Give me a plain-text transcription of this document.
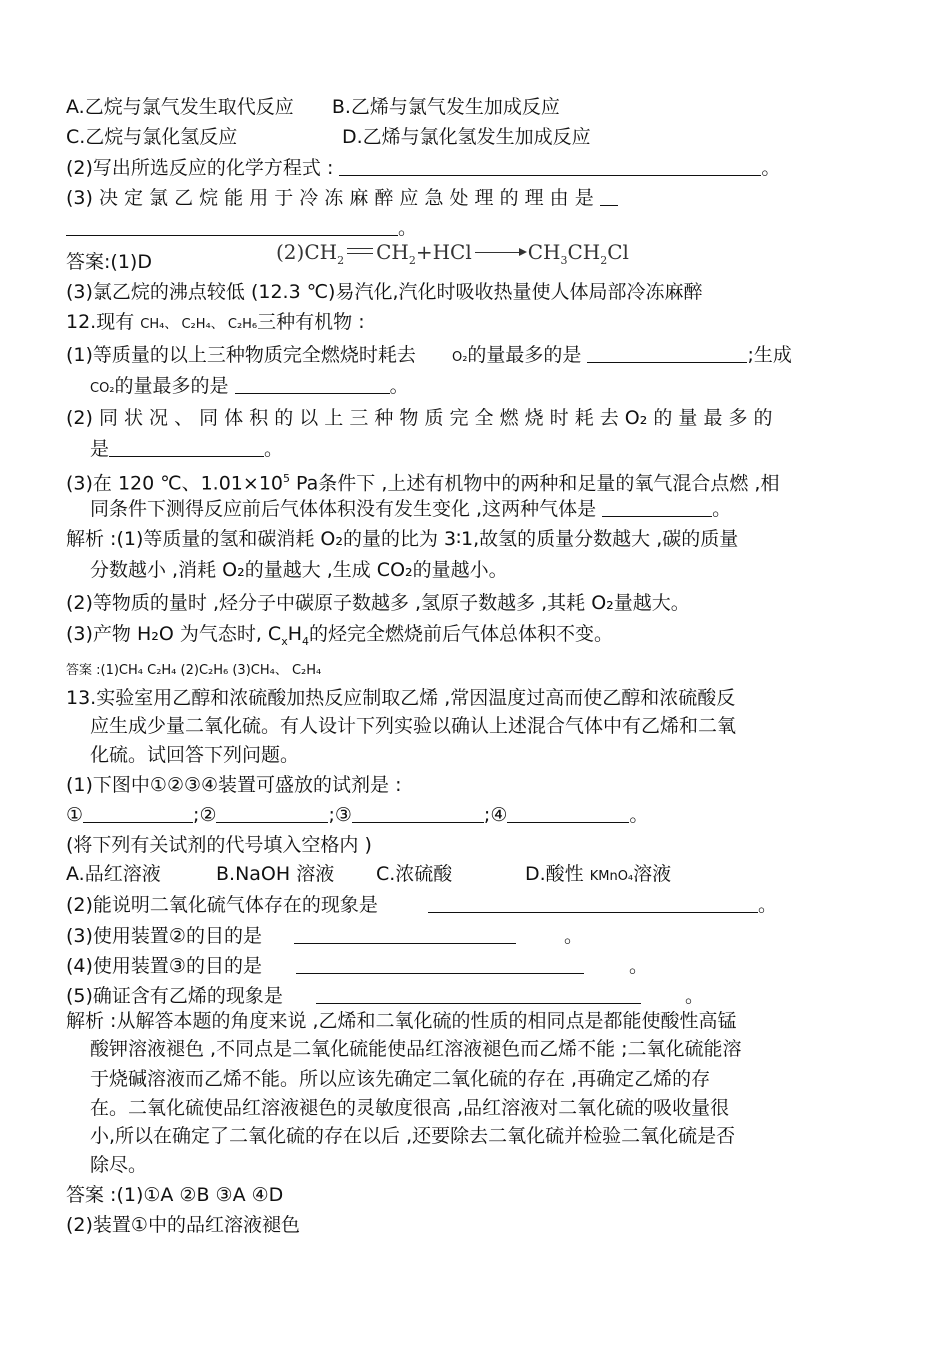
A.乙烷与氯气发生取代反应 B.乙烯与氯气发生加成反应
C.乙烷与氯化氢反应	D.乙烯与氯化氢发生加成反应
(2)写出所选反应的化学方程式 :	。
(3) 决 定 氯 乙 烷 能 用 于 冷 冻 麻 醉 应 急 处 理 的 理 由 是
。
答案:(1)D	$(2)CH_2$ $CH_2+HCl$	$CH_3CH_2Cl$
(3)氯乙烷的沸点较低 (12.3 ℃)易汽化,汽化时吸收热量使人体局部冷冻麻醉
12.现有 CH₄、 C₂H₄、 C₂H₆三种有机物 :
(1)等质量的以上三种物质完全燃烧时耗去	O₂的量最多的是	;生成
CO₂的量最多的是	。
(2) 同 状 况 、 同 体 积 的 以 上 三 种 物 质 完 全 燃 烧 时 耗 去 O₂ 的 量 最 多 的
是	。
(3)在 120 ℃、$1.01\times 10^5$ Pa条件下 ,上述有机物中的两种和足量的氧气混合点燃 ,相
同条件下测得反应前后气体体积没有发生变化 ,这两种气体是	。
解析 :(1)等质量的氢和碳消耗 O₂的量的比为 3∶1,故氢的质量分数越大 ,碳的质量
分数越小 ,消耗 O₂的量越大 ,生成 CO₂的量越小。
(2)等物质的量时 ,烃分子中碳原子数越多 ,氢原子数越多 ,其耗 O₂量越大。
(3)产物 H₂O 为气态时, $C_xH_4$的烃完全燃烧前后气体总体积不变。
答案 :(1)CH₄ C₂H₄ (2)C₂H₆ (3)CH₄、 C₂H₄
13.实验室用乙醇和浓硫酸加热反应制取乙烯 ,常因温度过高而使乙醇和浓硫酸反
应生成少量二氧化硫。有人设计下列实验以确认上述混合气体中有乙烯和二氧
化硫。试回答下列问题。
(1)下图中①②③④装置可盛放的试剂是 :
①	;②	;③	;④	。
(将下列有关试剂的代号填入空格内 )
A.品红溶液	B.NaOH 溶液 C.浓硫酸	D.酸性 KMnO₄溶液
(2)能说明二氧化硫气体存在的现象是	。
(3)使用装置②的目的是	。
(4)使用装置③的目的是	。
(5)确证含有乙烯的现象是	。
解析 :从解答本题的角度来说 ,乙烯和二氧化硫的性质的相同点是都能使酸性高锰
酸钾溶液褪色 ,不同点是二氧化硫能使品红溶液褪色而乙烯不能 ;二氧化硫能溶
于烧碱溶液而乙烯不能。所以应该先确定二氧化硫的存在 ,再确定乙烯的存
在。二氧化硫使品红溶液褪色的灵敏度很高 ,品红溶液对二氧化硫的吸收量很
小,所以在确定了二氧化硫的存在以后 ,还要除去二氧化硫并检验二氧化硫是否
除尽。
答案 :(1)①A ②B ③A ④D
(2)装置①中的品红溶液褪色
